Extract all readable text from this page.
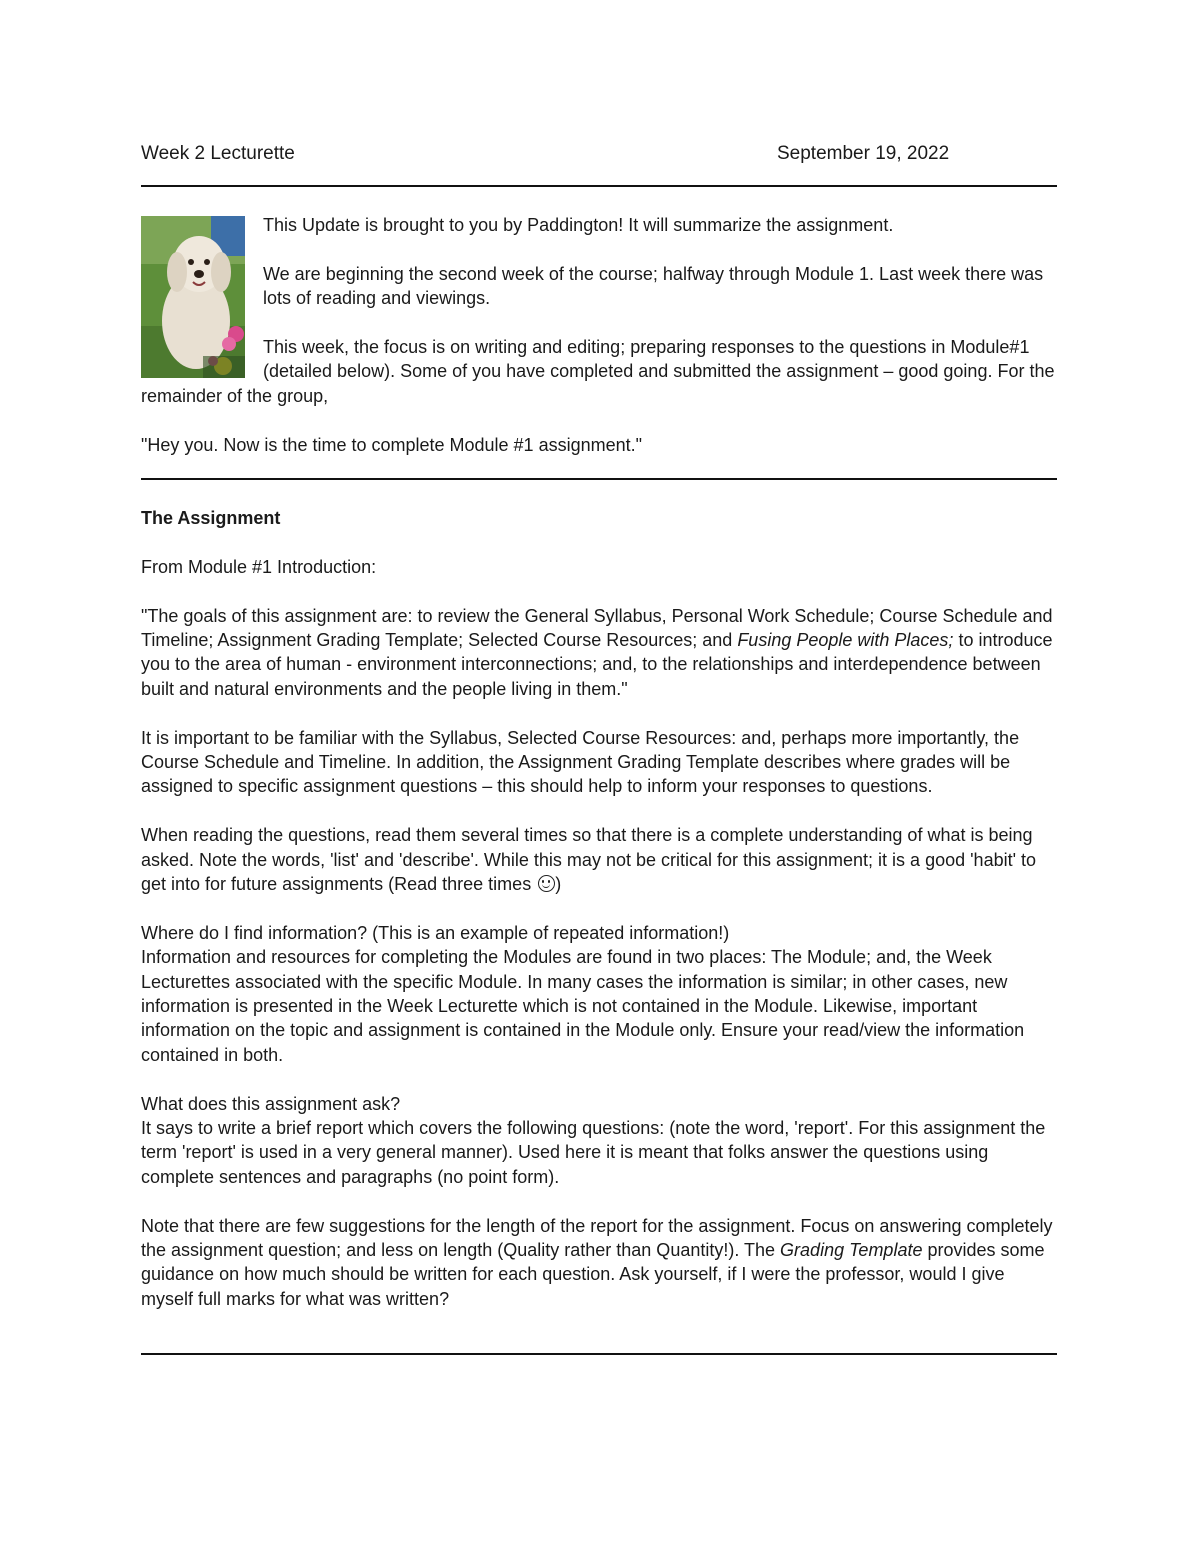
Week 2 Lecturette	September 19, 2022

This Update is brought to you by Paddington! It will summarize the assignment.

We are beginning the second week of the course; halfway through Module 1. Last week there was lots of reading and viewings.

This week, the focus is on writing and editing; preparing responses to the questions in Module#1 (detailed below). Some of you have completed and submitted the assignment – good going. For the remainder of the group,

"Hey you. Now is the time to complete Module #1 assignment."

The Assignment

From Module #1 Introduction:

"The goals of this assignment are: to review the General Syllabus, Personal Work Schedule; Course Schedule and Timeline; Assignment Grading Template; Selected Course Resources; and Fusing People with Places; to introduce you to the area of human - environment interconnections; and, to the relationships and interdependence between built and natural environments and the people living in them."

It is important to be familiar with the Syllabus, Selected Course Resources: and, perhaps more importantly, the Course Schedule and Timeline. In addition, the Assignment Grading Template describes where grades will be assigned to specific assignment questions – this should help to inform your responses to questions.

When reading the questions, read them several times so that there is a complete understanding of what is being asked. Note the words, 'list' and 'describe'. While this may not be critical for this assignment; it is a good 'habit' to get into for future assignments (Read three times )

Where do I find information? (This is an example of repeated information!)

Information and resources for completing the Modules are found in two places: The Module; and, the Week Lecturettes associated with the specific Module. In many cases the information is similar; in other cases, new information is presented in the Week Lecturette which is not contained in the Module. Likewise, important information on the topic and assignment is contained in the Module only. Ensure your read/view the information contained in both.

What does this assignment ask?

It says to write a brief report which covers the following questions: (note the word, 'report'. For this assignment the term 'report' is used in a very general manner). Used here it is meant that folks answer the questions using complete sentences and paragraphs (no point form).

Note that there are few suggestions for the length of the report for the assignment. Focus on answering completely the assignment question; and less on length (Quality rather than Quantity!). The Grading Template provides some guidance on how much should be written for each question. Ask yourself, if I were the professor, would I give myself full marks for what was written?
